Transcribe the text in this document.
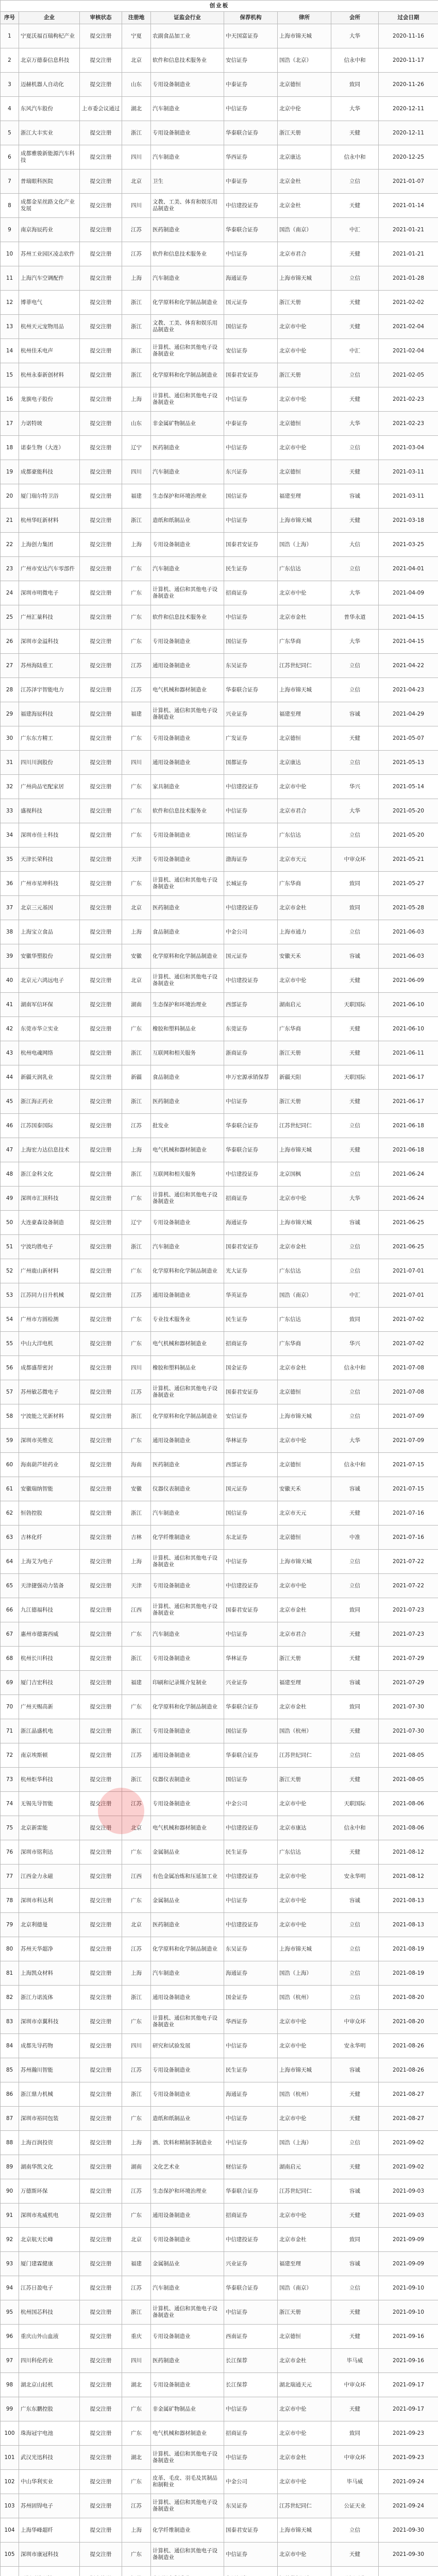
创业板								
序号	企业	审核状态	注册地	证监会行业	保荐机构	律所	会所	过会日期
1	宁夏沃福百瑞枸杞产业	提交注册	宁夏	农副食品加工业	中天国富证券	上海市锦天城	大华	2020-11-16
2	北京万德泰信息科技	提交注册	北京	软件和信息技术服务业	安信证券	国浩（北京）	信永中和	2020-11-17
3	迈赫机器人自动化	提交注册	山东	专用设备制造业	中泰证券	北京德恒	致同	2020-11-26
4	东风汽车股份	上市委会议通过	湖北	汽车制造业	中信证券	北京中伦	大华	2020-12-11
5	浙江大丰实业	提交注册	浙江	专用设备制造业	华泰联合证券	浙江天册	天健	2020-12-11
6	成都雅骏新能源汽车科技	提交注册	四川	汽车制造业	华西证券	北京康达	信永中和	2020-12-25
7	普瑞眼科医院	提交注册	北京	卫生	中泰证券	北京金杜	立信	2021-01-07
8	成都金星丝路文化产业发展	提交注册	四川	文教、工美、体育和娱乐用品制造业	中信建投证券	北京金杜	天健	2021-01-14
9	南京海辰药业	提交注册	江苏	医药制造业	华泰联合证券	国浩（南京）	中汇	2021-01-21
10	苏州工业园区凌志软件	提交注册	江苏	软件和信息技术服务业	中信证券	北京市君合	天健	2021-01-21
11	上海汽车空调配件	提交注册	上海	汽车制造业	海通证券	上海市锦天城	立信	2021-01-28
12	博菲电气	提交注册	浙江	化学原料和化学制品制造业	国元证券	浙江天册	天健	2021-02-02
13	杭州天元宠物用品	提交注册	浙江	文教、工美、体育和娱乐用品制造业	国信证券	北京市中伦	天健	2021-02-04
14	杭州佳禾电声	提交注册	浙江	计算机、通信和其他电子设备制造业	安信证券	北京市中伦	中汇	2021-02-04
15	杭州永泰新创材料	提交注册	浙江	化学原料和化学制品制造业	国泰君安证券	浙江天册	立信	2021-02-05
16	龙旗电子股份	提交注册	上海	计算机、通信和其他电子设备制造业	中信证券	北京市中伦	天健	2021-02-23
17	力诺特玻	提交注册	山东	非金属矿物制品业	中泰证券	北京德恒	大华	2021-02-23
18	诺泰生物（大连）	提交注册	辽宁	医药制造业	中信证券	北京市中伦	立信	2021-03-04
19	成都豪能科技	提交注册	四川	汽车制造业	东兴证券	北京德恒	天健	2021-03-11
20	厦门瑞尔特卫浴	提交注册	福建	生态保护和环境治理业	国信证券	福建至理	容诚	2021-03-11
21	杭州华旺新材料	提交注册	浙江	造纸和纸制品业	中信证券	上海市锦天城	天健	2021-03-18
22	上海创力集团	提交注册	上海	专用设备制造业	国泰君安证券	国浩（上海）	大信	2021-03-25
23	广州市安达汽车零部件	提交注册	广东	汽车制造业	民生证券	广东信达	立信	2021-04-01
24	深圳市明微电子	提交注册	广东	计算机、通信和其他电子设备制造业	招商证券	北京市中伦	大华	2021-04-09
25	广州汇量科技	提交注册	广东	软件和信息技术服务业	中信证券	北京市金杜	普华永道	2021-04-15
26	深圳市金溢科技	提交注册	广东	专用设备制造业	国信证券	广东华商	大华	2021-04-15
27	苏州海陆重工	提交注册	江苏	通用设备制造业	东吴证券	江苏世纪同仁	立信	2021-04-22
28	江苏泽宇智能电力	提交注册	江苏	电气机械和器材制造业	华泰联合证券	上海市锦天城	立信	2021-04-23
29	福建海辰科技	提交注册	福建	计算机、通信和其他电子设备制造业	兴业证券	福建至理	容诚	2021-04-29
30	广东东方精工	提交注册	广东	专用设备制造业	广发证券	北京德恒	天健	2021-05-07
31	四川川润股份	提交注册	四川	通用设备制造业	国都证券	北京康达	立信	2021-05-13
32	广州尚品宅配家居	提交注册	广东	家具制造业	中信建投证券	北京市中伦	华兴	2021-05-14
33	盛视科技	提交注册	广东	软件和信息技术服务业	中信证券	北京市君合	大华	2021-05-20
34	深圳市佳士科技	提交注册	广东	专用设备制造业	国信证券	广东信达	立信	2021-05-20
35	天津长荣科技	提交注册	天津	专用设备制造业	渤海证券	北京市天元	中审众环	2021-05-21
36	广州市星坤科技	提交注册	广东	计算机、通信和其他电子设备制造业	长城证券	广东华商	致同	2021-05-27
37	北京三元基因	提交注册	北京	医药制造业	中信建投证券	北京市金杜	致同	2021-05-28
38	上海宝立食品	提交注册	上海	食品制造业	中金公司	上海市通力	立信	2021-06-03
39	安徽华塑股份	提交注册	安徽	化学原料和化学制品制造业	国元证券	安徽天禾	容诚	2021-06-03
40	北京元六鸿远电子	提交注册	北京	计算机、通信和其他电子设备制造业	中信建投证券	北京市中伦	天健	2021-06-09
41	湖南军信环保	提交注册	湖南	生态保护和环境治理业	西部证券	湖南启元	天职国际	2021-06-10
42	东莞市华立实业	提交注册	广东	橡胶和塑料制品业	东莞证券	广东华商	天健	2021-06-10
43	杭州电魂网络	提交注册	浙江	互联网和相关服务	浙商证券	浙江天册	天健	2021-06-11
44	新疆天润乳业	提交注册	新疆	食品制造业	申万宏源承销保荐	新疆天阳	天职国际	2021-06-17
45	浙江海正药业	提交注册	浙江	医药制造业	中信证券	浙江天册	天健	2021-06-17
46	江苏国泰国际	提交注册	江苏	批发业	华泰联合证券	江苏世纪同仁	立信	2021-06-18
47	上海宏力达信息技术	提交注册	上海	电气机械和器材制造业	华泰联合证券	上海市锦天城	天健	2021-06-18
48	浙江金科文化	提交注册	浙江	互联网和相关服务	中信建投证券	北京国枫	立信	2021-06-24
49	深圳市汇顶科技	提交注册	广东	计算机、通信和其他电子设备制造业	招商证券	北京市中伦	大华	2021-06-24
50	大连豪森设备制造	提交注册	辽宁	专用设备制造业	海通证券	上海市锦天城	容诚	2021-06-25
51	宁波均胜电子	提交注册	浙江	汽车制造业	国泰君安证券	北京市金杜	立信	2021-06-25
52	广州鹿山新材料	提交注册	广东	化学原料和化学制品制造业	光大证券	广东信达	立信	2021-07-01
53	江苏同力日升机械	提交注册	江苏	通用设备制造业	华英证券	国浩（南京）	中汇	2021-07-01
54	广州市方圆检测	提交注册	广东	专业技术服务业	民生证券	广东信达	致同	2021-07-02
55	中山大洋电机	提交注册	广东	电气机械和器材制造业	招商证券	广东华商	华兴	2021-07-02
56	成都盛帮密封	提交注册	四川	橡胶和塑料制品业	国金证券	北京市金杜	信永中和	2021-07-08
57	苏州敏芯微电子	提交注册	江苏	计算机、通信和其他电子设备制造业	国泰君安证券	北京德恒	立信	2021-07-08
58	宁波能之光新材料	提交注册	浙江	化学原料和化学制品制造业	安信证券	上海市锦天城	立信	2021-07-09
59	深圳市英维克	提交注册	广东	通用设备制造业	华林证券	北京市中伦	大华	2021-07-09
60	海南葫芦娃药业	提交注册	海南	医药制造业	西部证券	北京德恒	信永中和	2021-07-15
61	安徽瑞纳智能	提交注册	安徽	仪器仪表制造业	国元证券	安徽天禾	容诚	2021-07-15
62	恒勃控股	提交注册	浙江	汽车制造业	国信证券	北京市天元	天健	2021-07-16
63	吉林化纤	提交注册	吉林	化学纤维制造业	东北证券	北京德恒	中准	2021-07-16
64	上海艾为电子	提交注册	上海	计算机、通信和其他电子设备制造业	中信证券	上海市锦天城	立信	2021-07-22
65	天津捷强动力装备	提交注册	天津	专用设备制造业	中信建投证券	北京市中伦	立信	2021-07-22
66	九江德福科技	提交注册	江西	计算机、通信和其他电子设备制造业	国泰君安证券	北京市金杜	致同	2021-07-23
67	惠州市德赛西威	提交注册	广东	汽车制造业	中信证券	北京市君合	天健	2021-07-23
68	杭州长川科技	提交注册	浙江	专用设备制造业	华林证券	浙江天册	天健	2021-07-29
69	厦门吉宏科技	提交注册	福建	印刷和记录媒介复制业	兴业证券	福建至理	容诚	2021-07-29
70	广州天赐高新	提交注册	广东	化学原料和化学制品制造业	华泰联合证券	北京市金杜	致同	2021-07-30
71	浙江晶盛机电	提交注册	浙江	专用设备制造业	国信证券	国浩（杭州）	天健	2021-07-30
72	南京埃斯顿	提交注册	江苏	通用设备制造业	华泰联合证券	江苏世纪同仁	立信	2021-08-05
73	杭州炬华科技	提交注册	浙江	仪器仪表制造业	国信证券	浙江天册	天健	2021-08-05
74	无锡先导智能	提交注册	江苏	专用设备制造业	中金公司	北京市中伦	天职国际	2021-08-06
75	北京新雷能	提交注册	北京	电气机械和器材制造业	中信建投证券	北京市康达	信永中和	2021-08-06
76	深圳市铭利达	提交注册	广东	金属制品业	民生证券	广东信达	天健	2021-08-12
77	江西金力永磁	提交注册	江西	有色金属冶炼和压延加工业	中信建投证券	北京市中伦	安永华明	2021-08-12
78	深圳市科达利	提交注册	广东	金属制品业	中信证券	北京市中伦	容诚	2021-08-13
79	北京利德曼	提交注册	北京	医药制造业	中信建投证券	北京市中伦	立信	2021-08-13
80	苏州天华超净	提交注册	江苏	化学原料和化学制品制造业	东吴证券	上海市锦天城	立信	2021-08-19
81	上海凯众材料	提交注册	上海	汽车制造业	海通证券	国浩（上海）	立信	2021-08-19
82	浙江力诺流体	提交注册	浙江	通用设备制造业	国金证券	国浩（杭州）	立信	2021-08-20
83	深圳市卓翼科技	提交注册	广东	计算机、通信和其他电子设备制造业	华西证券	北京市中伦	中审众环	2021-08-20
84	成都先导药物	提交注册	四川	研究和试验发展	中信证券	北京市中伦	安永华明	2021-08-26
85	苏州瀚川智能	提交注册	江苏	专用设备制造业	民生证券	上海市锦天城	容诚	2021-08-26
86	浙江鼎力机械	提交注册	浙江	专用设备制造业	海通证券	国浩（杭州）	天健	2021-08-27
87	深圳市裕同包装	提交注册	广东	造纸和纸制品业	中信证券	北京市中伦	天健	2021-08-27
88	上海百润投资	提交注册	上海	酒、饮料和精制茶制造业	中信证券	国浩（上海）	立信	2021-09-02
89	湖南华凯文化	提交注册	湖南	文化艺术业	财信证券	湖南启元	天健	2021-09-02
90	万德斯环保	提交注册	江苏	生态保护和环境治理业	华泰联合证券	江苏世纪同仁	容诚	2021-09-03
91	深圳市兆威机电	提交注册	广东	通用设备制造业	招商证券	北京市中伦	天健	2021-09-03
92	北京航天长峰	提交注册	北京	专用设备制造业	中信建投证券	北京市金杜	致同	2021-09-09
93	厦门建霖健康	提交注册	福建	金属制品业	兴业证券	福建至理	容诚	2021-09-09
94	江苏日盈电子	提交注册	江苏	汽车制造业	华泰联合证券	国浩（南京）	立信	2021-09-10
95	杭州国芯科技	提交注册	浙江	计算机、通信和其他电子设备制造业	中信证券	浙江天册	天健	2021-09-10
96	重庆山外山血液	提交注册	重庆	专用设备制造业	西南证券	北京德恒	天健	2021-09-16
97	四川科伦药业	提交注册	四川	医药制造业	长江保荐	北京市金杜	毕马威	2021-09-16
98	湖北京山轻机	提交注册	湖北	专用设备制造业	长江保荐	湖北瑞通天元	中审众环	2021-09-17
99	广东东鹏控股	提交注册	广东	非金属矿物制品业	中信证券	北京市中伦	天健	2021-09-17
100	珠海冠宇电池	提交注册	广东	电气机械和器材制造业	招商证券	北京市中伦	致同	2021-09-23
101	武汉光迅科技	提交注册	湖北	计算机、通信和其他电子设备制造业	中信证券	北京市金杜	中审众环	2021-09-23
102	中山华利实业	提交注册	广东	皮革、毛皮、羽毛及其制品和制鞋业	中金公司	北京市中伦	毕马威	2021-09-24
103	苏州固锝电子	提交注册	江苏	计算机、通信和其他电子设备制造业	东吴证券	江苏世纪同仁	公证天业	2021-09-24
104	上海华峰超纤	提交注册	上海	化学纤维制造业	国泰君安证券	上海市锦天城	立信	2021-09-30
105	深圳市康冠科技	提交注册	广东	计算机、通信和其他电子设备制造业	中信证券	北京市中伦	天健	2021-09-30
